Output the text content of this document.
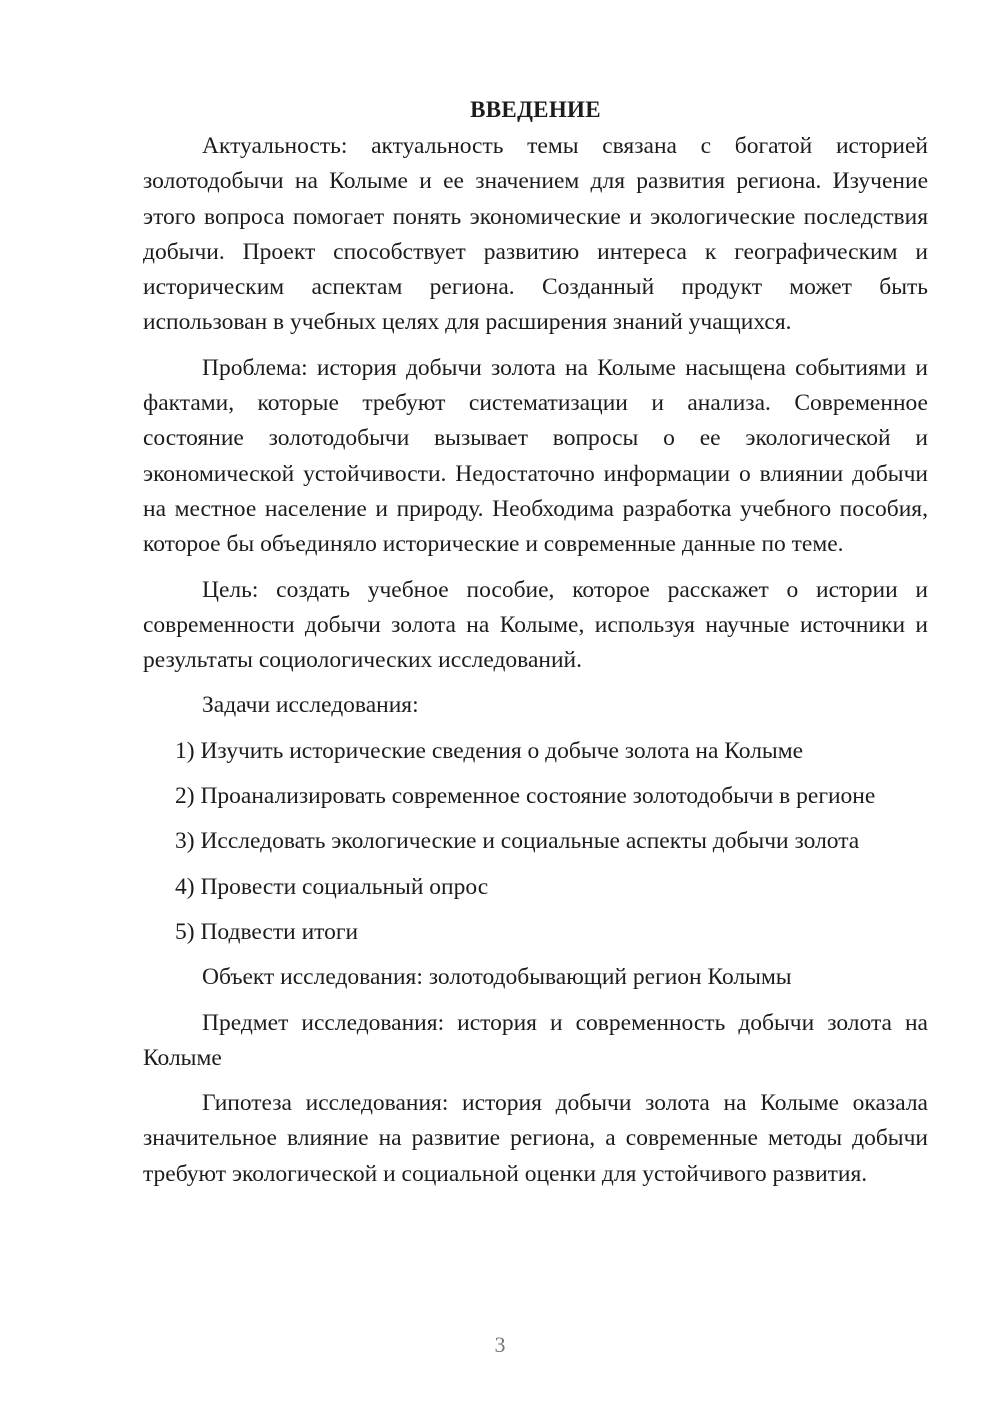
ВВЕДЕНИЕ

Актуальность: актуальность темы связана с богатой историей золотодобычи на Колыме и ее значением для развития региона. Изучение этого вопроса помогает понять экономические и экологические последствия добычи. Проект способствует развитию интереса к географическим и историческим аспектам региона. Созданный продукт может быть использован в учебных целях для расширения знаний учащихся.

Проблема: история добычи золота на Колыме насыщена событиями и фактами, которые требуют систематизации и анализа. Современное состояние золотодобычи вызывает вопросы о ее экологической и экономической устойчивости. Недостаточно информации о влиянии добычи на местное население и природу. Необходима разработка учебного пособия, которое бы объединяло исторические и современные данные по теме.

Цель: создать учебное пособие, которое расскажет о истории и современности добычи золота на Колыме, используя научные источники и результаты социологических исследований.

Задачи исследования:

1) Изучить исторические сведения о добыче золота на Колыме
2) Проанализировать современное состояние золотодобычи в регионе
3) Исследовать экологические и социальные аспекты добычи золота
4) Провести социальный опрос
5) Подвести итоги

Объект исследования: золотодобывающий регион Колымы

Предмет исследования: история и современность добычи золота на Колыме

Гипотеза исследования: история добычи золота на Колыме оказала значительное влияние на развитие региона, а современные методы добычи требуют экологической и социальной оценки для устойчивого развития.

3
